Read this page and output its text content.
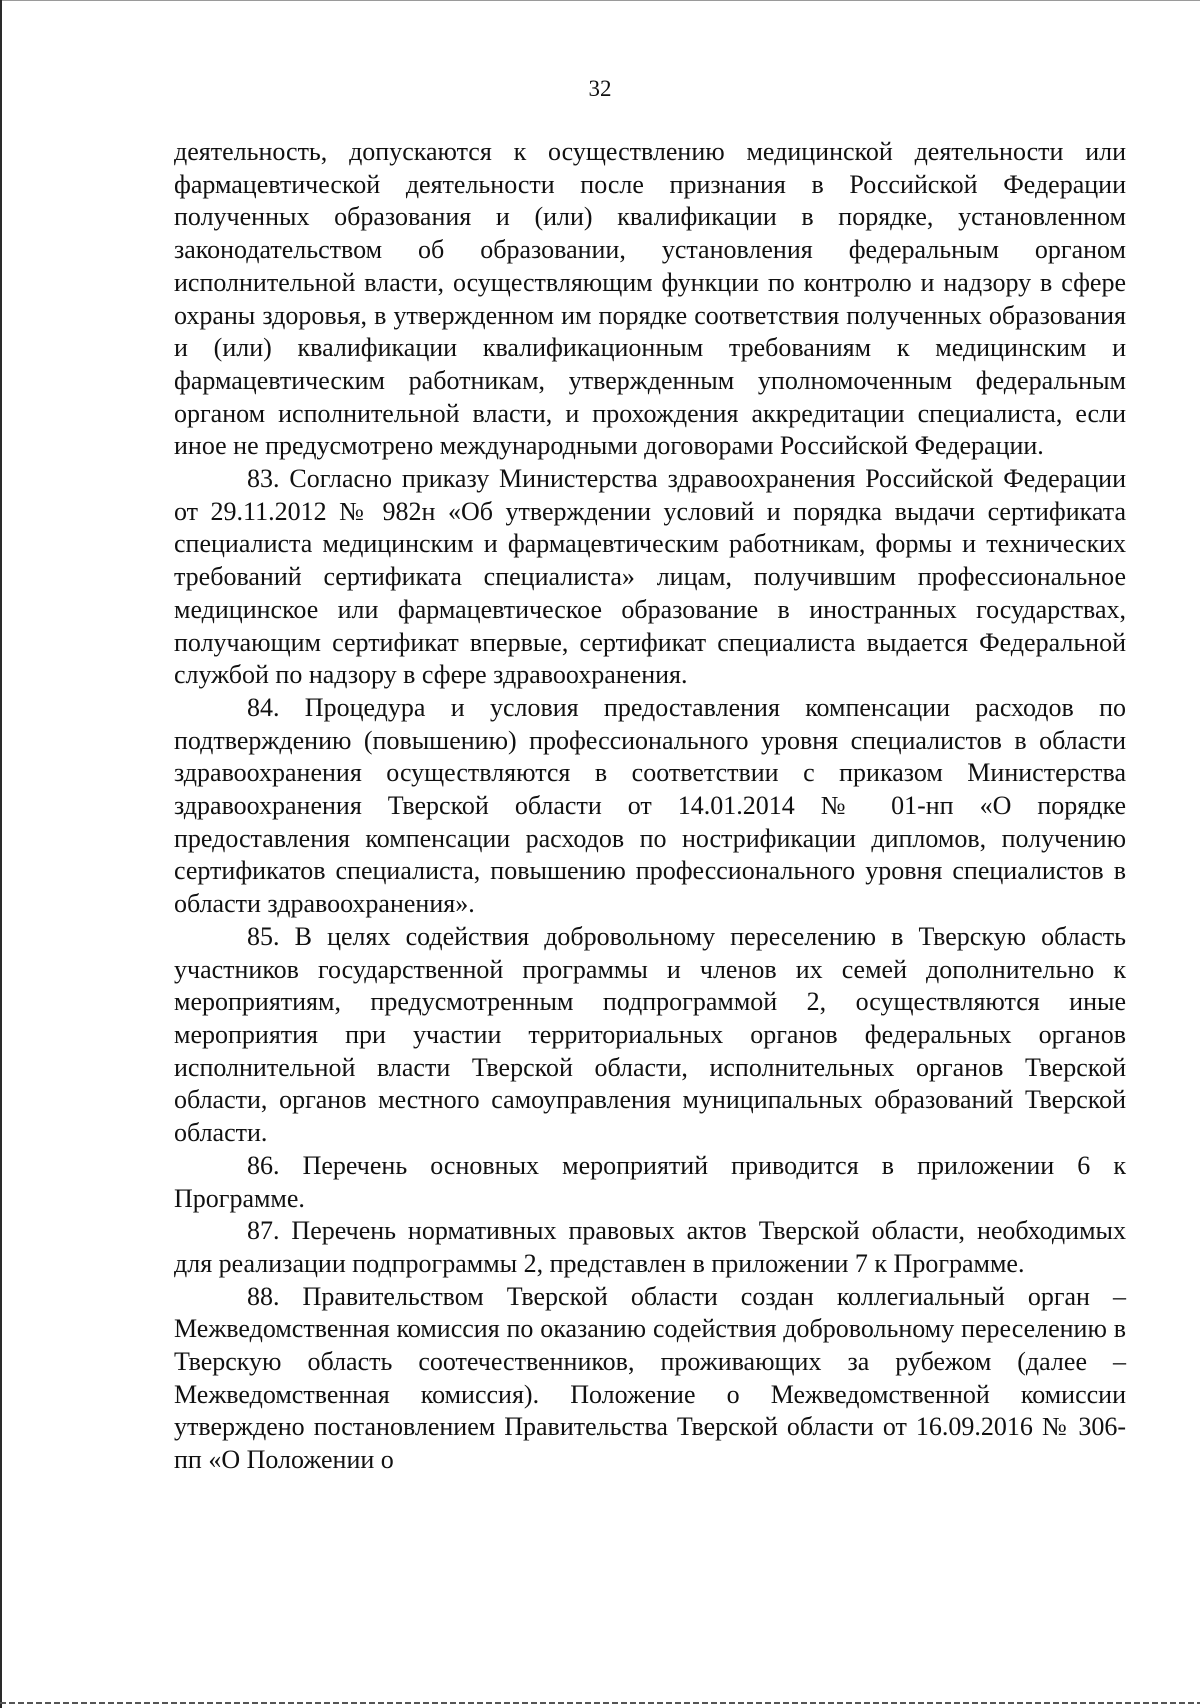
32

деятельность, допускаются к осуществлению медицинской деятельности или фармацевтической деятельности после признания в Российской Федерации полученных образования и (или) квалификации в порядке, установленном законодательством об образовании, установления федеральным органом исполнительной власти, осуществляющим функции по контролю и надзору в сфере охраны здоровья, в утвержденном им порядке соответствия полученных образования и (или) квалификации квалификационным требованиям к медицинским и фармацевтическим работникам, утвержденным уполномоченным федеральным органом исполнительной власти, и прохождения аккредитации специалиста, если иное не предусмотрено международными договорами Российской Федерации.

83. Согласно приказу Министерства здравоохранения Российской Федерации от 29.11.2012 № 982н «Об утверждении условий и порядка выдачи сертификата специалиста медицинским и фармацевтическим работникам, формы и технических требований сертификата специалиста» лицам, получившим профессиональное медицинское или фармацевтическое образование в иностранных государствах, получающим сертификат впервые, сертификат специалиста выдается Федеральной службой по надзору в сфере здравоохранения.

84. Процедура и условия предоставления компенсации расходов по подтверждению (повышению) профессионального уровня специалистов в области здравоохранения осуществляются в соответствии с приказом Министерства здравоохранения Тверской области от 14.01.2014 № 01-нп «О порядке предоставления компенсации расходов по нострификации дипломов, получению сертификатов специалиста, повышению профессионального уровня специалистов в области здравоохранения».

85. В целях содействия добровольному переселению в Тверскую область участников государственной программы и членов их семей дополнительно к мероприятиям, предусмотренным подпрограммой 2, осуществляются иные мероприятия при участии территориальных органов федеральных органов исполнительной власти Тверской области, исполнительных органов Тверской области, органов местного самоуправления муниципальных образований Тверской области.

86. Перечень основных мероприятий приводится в приложении 6 к Программе.

87. Перечень нормативных правовых актов Тверской области, необходимых для реализации подпрограммы 2, представлен в приложении 7 к Программе.

88. Правительством Тверской области создан коллегиальный орган – Межведомственная комиссия по оказанию содействия добровольному переселению в Тверскую область соотечественников, проживающих за рубежом (далее – Межведомственная комиссия). Положение о Межведомственной комиссии утверждено постановлением Правительства Тверской области от 16.09.2016 № 306-пп «О Положении о
